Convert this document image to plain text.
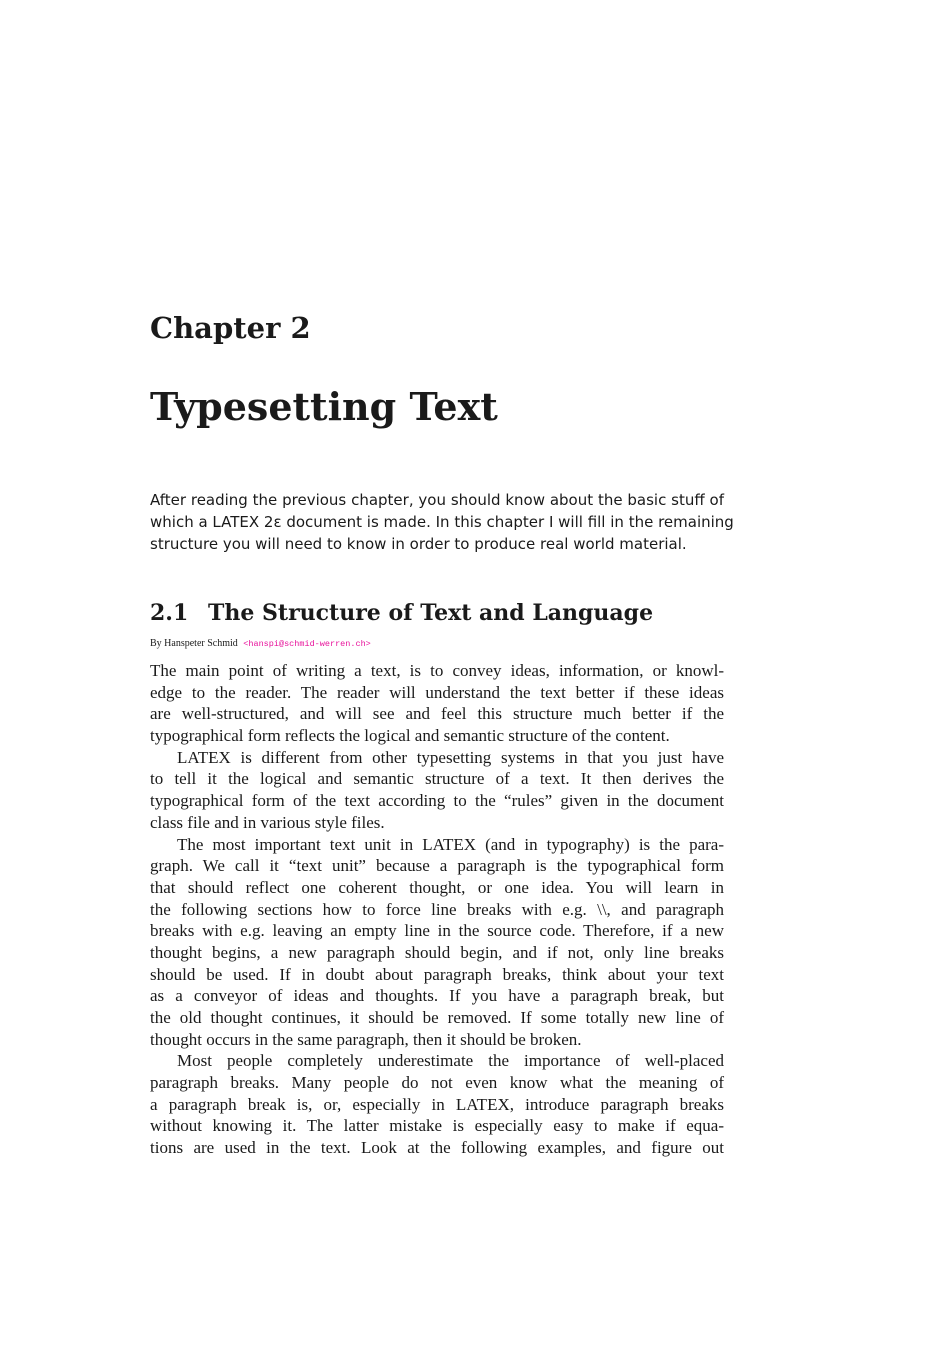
Chapter 2
Typesetting Text
After reading the previous chapter, you should know about the basic stuff of
which a LATEX 2ε document is made. In this chapter I will fill in the remaining
structure you will need to know in order to produce real world material.
2.1 The Structure of Text and Language
By Hanspeter Schmid <hanspi@schmid-werren.ch>
The main point of writing a text, is to convey ideas, information, or knowl-
edge to the reader. The reader will understand the text better if these ideas
are well-structured, and will see and feel this structure much better if the
typographical form reflects the logical and semantic structure of the content.
LATEX is different from other typesetting systems in that you just have
to tell it the logical and semantic structure of a text. It then derives the
typographical form of the text according to the “rules” given in the document
class file and in various style files.
The most important text unit in LATEX (and in typography) is the para-
graph. We call it “text unit” because a paragraph is the typographical form
that should reflect one coherent thought, or one idea. You will learn in
the following sections how to force line breaks with e.g. \\, and paragraph
breaks with e.g. leaving an empty line in the source code. Therefore, if a new
thought begins, a new paragraph should begin, and if not, only line breaks
should be used. If in doubt about paragraph breaks, think about your text
as a conveyor of ideas and thoughts. If you have a paragraph break, but
the old thought continues, it should be removed. If some totally new line of
thought occurs in the same paragraph, then it should be broken.
Most people completely underestimate the importance of well-placed
paragraph breaks. Many people do not even know what the meaning of
a paragraph break is, or, especially in LATEX, introduce paragraph breaks
without knowing it. The latter mistake is especially easy to make if equa-
tions are used in the text. Look at the following examples, and figure out
